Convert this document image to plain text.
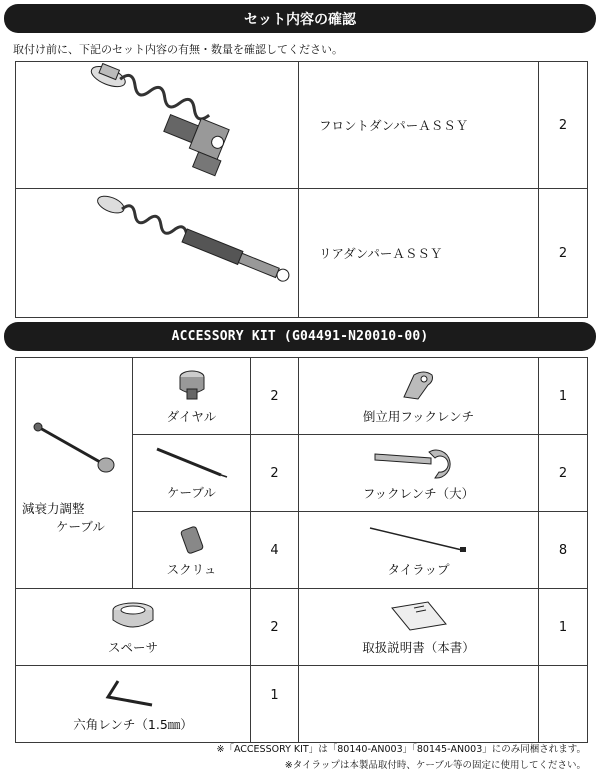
セット内容の確認
取付け前に、下記のセット内容の有無・数量を確認してください。
	フロントダンパーＡＳＳＹ	2

	リアダンパーＡＳＳＹ	2
ACCESSORY KIT (G04491-N20010-00)
減衰力調整
ケーブル	ダイヤル	2	倒立用フックレンチ	1

	ケーブル	2	フックレンチ（大）	2

	スクリュ	4	タイラップ	8

スペーサ		2	取扱説明書（本書）	1

六角レンチ（1.5㎜）		1		
※「ACCESSORY KIT」は「80140-AN003」「80145-AN003」にのみ同梱されます。
※タイラップは本製品取付時、ケーブル等の固定に使用してください。
